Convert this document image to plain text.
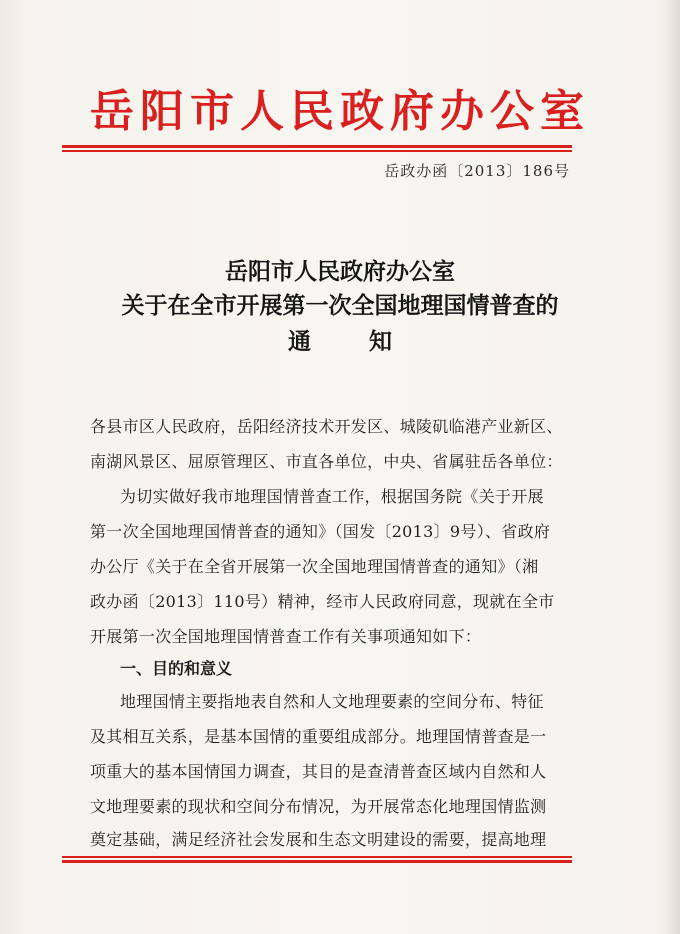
岳阳市人民政府办公室
岳政办函〔2013〕186号
岳阳市人民政府办公室
关于在全市开展第一次全国地理国情普查的
通知
各县市区人民政府，岳阳经济技术开发区、城陵矶临港产业新区、
南湖风景区、屈原管理区、市直各单位，中央、省属驻岳各单位：
为切实做好我市地理国情普查工作，根据国务院《关于开展
第一次全国地理国情普查的通知》（国发〔2013〕9号）、省政府
办公厅《关于在全省开展第一次全国地理国情普查的通知》（湘
政办函〔2013〕110号）精神，经市人民政府同意，现就在全市
开展第一次全国地理国情普查工作有关事项通知如下：
一、目的和意义
地理国情主要指地表自然和人文地理要素的空间分布、特征
及其相互关系，是基本国情的重要组成部分。地理国情普查是一
项重大的基本国情国力调查，其目的是查清普查区域内自然和人
文地理要素的现状和空间分布情况，为开展常态化地理国情监测
奠定基础，满足经济社会发展和生态文明建设的需要，提高地理
